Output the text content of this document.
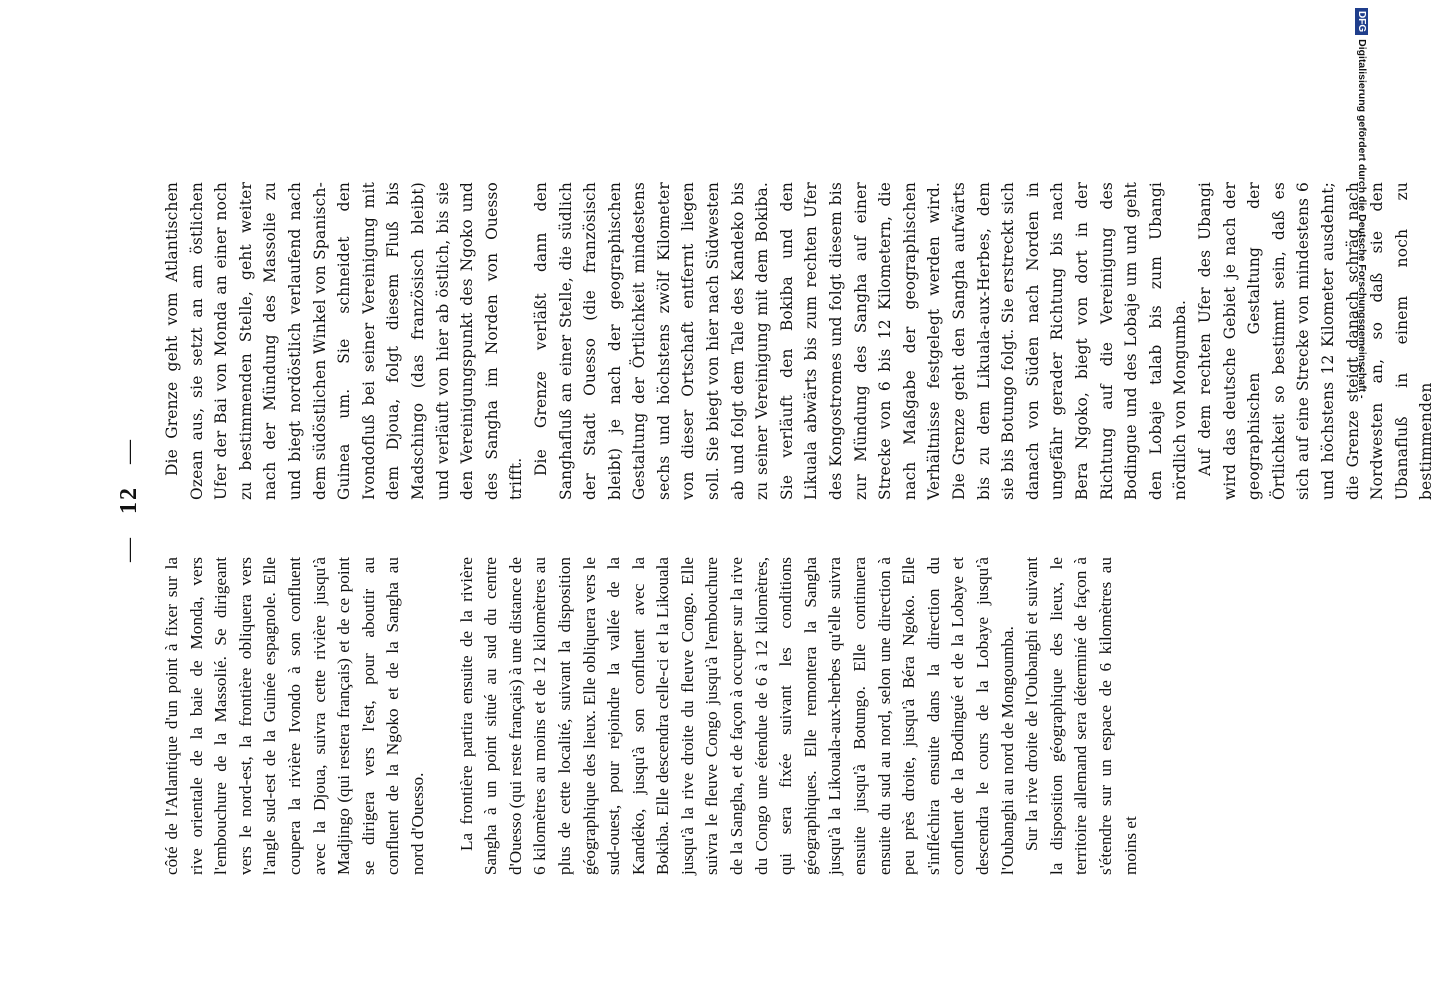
— 12 —

côté de l'Atlantique d'un point à fixer sur la rive orientale de la baie de Monda, vers l'embouchure de la Massolié. Se dirigeant vers le nord-est, la frontière obliquera vers l'angle sud-est de la Guinée espagnole. Elle coupera la rivière Ivondo à son confluent avec la Djoua, suivra cette rivière jusqu'à Madjingo (qui restera français) et de ce point se dirigera vers l'est, pour aboutir au confluent de la Ngoko et de la Sangha au nord d'Ouesso. La frontière partira ensuite de la rivière Sangha à un point situé au sud du centre d'Ouesso (qui reste français) à une distance de 6 kilomètres au moins et de 12 kilomètres au plus de cette localité, suivant la disposition géographique des lieux. Elle obliquera vers le sud-ouest, pour rejoindre la vallée de la Kandéko, jusqu'à son confluent avec la Bokiba. Elle descendra celle-ci et la Likouala jusqu'à la rive droite du fleuve Congo. Elle suivra le fleuve Congo jusqu'à l'embouchure de la Sangha, et de façon à occuper sur la rive du Congo une étendue de 6 à 12 kilomètres, qui sera fixée suivant les conditions géographiques. Elle remontera la Sangha jusqu'à la Likouala-aux-herbes qu'elle suivra ensuite jusqu'à Botungo. Elle continuera ensuite du sud au nord, selon une direction à peu près droite, jusqu'à Béra Ngoko. Elle s'infléchira ensuite dans la direction du confluent de la Bodingué et de la Lobaye et descendra le cours de la Lobaye jusqu'à l'Oubanghi au nord de Mongoumba. Sur la rive droite de l'Oubanghi et suivant la disposition géographique des lieux, le territoire allemand sera déterminé de façon à s'étendre sur un espace de 6 kilomètres au moins et

Die Grenze geht vom Atlantischen Ozean aus, sie setzt an am östlichen Ufer der Bai von Monda an einer noch zu bestimmenden Stelle, geht weiter nach der Mündung des Massolie zu und biegt nordöstlich verlaufend nach dem südöstlichen Winkel von Spanisch-Guinea um. Sie schneidet den Ivondofluß bei seiner Vereinigung mit dem Djoua, folgt diesem Fluß bis Madschingo (das französisch bleibt) und verläuft von hier ab östlich, bis sie den Vereinigungspunkt des Ngoko und des Sangha im Norden von Ouesso trifft.

Die Grenze verläßt dann den Sanghafluß an einer Stelle, die südlich der Stadt Ouesso (die französisch bleibt) je nach der geographischen Gestaltung der Örtlichkeit mindestens sechs und höchstens zwölf Kilometer von dieser Ortschaft entfernt liegen soll. Sie biegt von hier nach Südwesten ab und folgt dem Tale des Kandeko bis zu seiner Vereinigung mit dem Bokiba. Sie verläuft den Bokiba und den Likuala abwärts bis zum rechten Ufer des Kongostromes und folgt diesem bis zur Mündung des Sangha auf einer Strecke von 6 bis 12 Kilometern, die nach Maßgabe der geographischen Verhältnisse festgelegt werden wird. Die Grenze geht den Sangha aufwärts bis zu dem Likuala-aux-Herbes, dem sie bis Botungo folgt. Sie erstreckt sich danach von Süden nach Norden in ungefähr gerader Richtung bis nach Bera Ngoko, biegt von dort in der Richtung auf die Vereinigung des Bodingue und des Lobaje um und geht den Lobaje talab bis zum Ubangi nördlich von Mongumba. Auf dem rechten Ufer des Ubangi wird das deutsche Gebiet je nach der geographischen Gestaltung der Örtlichkeit so bestimmt sein, daß es sich auf eine Strecke von mindestens 6 und höchstens 12 Kilometer ausdehnt; die Grenze steigt danach schräg nach Nordwesten an, so daß sie den Ubanafluß in einem noch zu bestimmenden

DFG
Digitalisierung gefördert durch die Deutsche Forschungsgemeinschaft -
